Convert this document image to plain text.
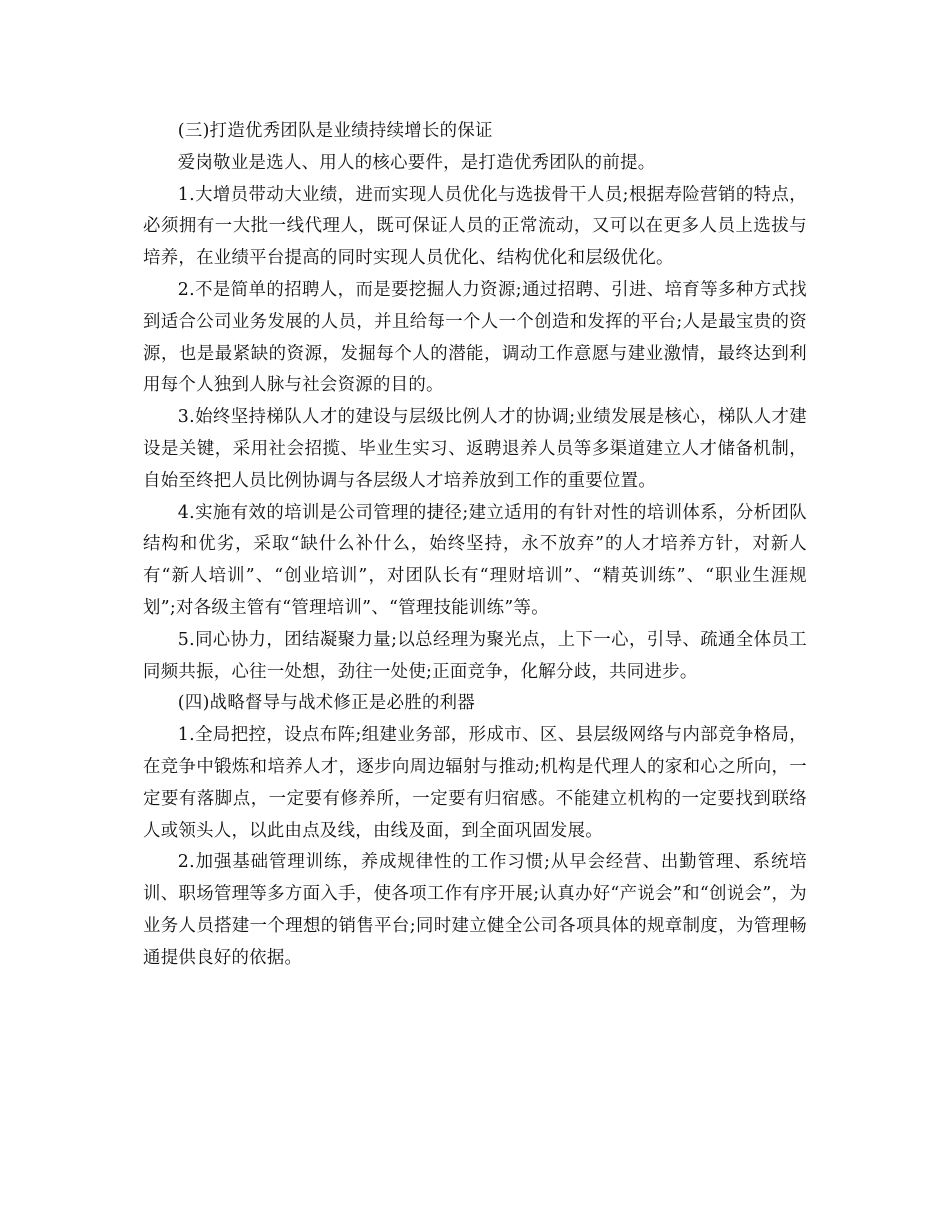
(三)打造优秀团队是业绩持续增长的保证

爱岗敬业是选人、用人的核心要件，是打造优秀团队的前提。

1.大增员带动大业绩，进而实现人员优化与选拔骨干人员;根据寿险营销的特点，必须拥有一大批一线代理人，既可保证人员的正常流动，又可以在更多人员上选拔与培养，在业绩平台提高的同时实现人员优化、结构优化和层级优化。

2.不是简单的招聘人，而是要挖掘人力资源;通过招聘、引进、培育等多种方式找到适合公司业务发展的人员，并且给每一个人一个创造和发挥的平台;人是最宝贵的资源，也是最紧缺的资源，发掘每个人的潜能，调动工作意愿与建业激情，最终达到利用每个人独到人脉与社会资源的目的。

3.始终坚持梯队人才的建设与层级比例人才的协调;业绩发展是核心，梯队人才建设是关键，采用社会招揽、毕业生实习、返聘退养人员等多渠道建立人才储备机制，自始至终把人员比例协调与各层级人才培养放到工作的重要位置。

4.实施有效的培训是公司管理的捷径;建立适用的有针对性的培训体系，分析团队结构和优劣，采取“缺什么补什么，始终坚持，永不放弃”的人才培养方针，对新人有“新人培训”、“创业培训”，对团队长有“理财培训”、“精英训练”、“职业生涯规划”;对各级主管有“管理培训”、“管理技能训练”等。

5.同心协力，团结凝聚力量;以总经理为聚光点，上下一心，引导、疏通全体员工同频共振，心往一处想，劲往一处使;正面竞争，化解分歧，共同进步。

(四)战略督导与战术修正是必胜的利器

1.全局把控，设点布阵;组建业务部，形成市、区、县层级网络与内部竞争格局，在竞争中锻炼和培养人才，逐步向周边辐射与推动;机构是代理人的家和心之所向，一定要有落脚点，一定要有修养所，一定要有归宿感。不能建立机构的一定要找到联络人或领头人，以此由点及线，由线及面，到全面巩固发展。

2.加强基础管理训练，养成规律性的工作习惯;从早会经营、出勤管理、系统培训、职场管理等多方面入手，使各项工作有序开展;认真办好“产说会”和“创说会”，为业务人员搭建一个理想的销售平台;同时建立健全公司各项具体的规章制度，为管理畅通提供良好的依据。
